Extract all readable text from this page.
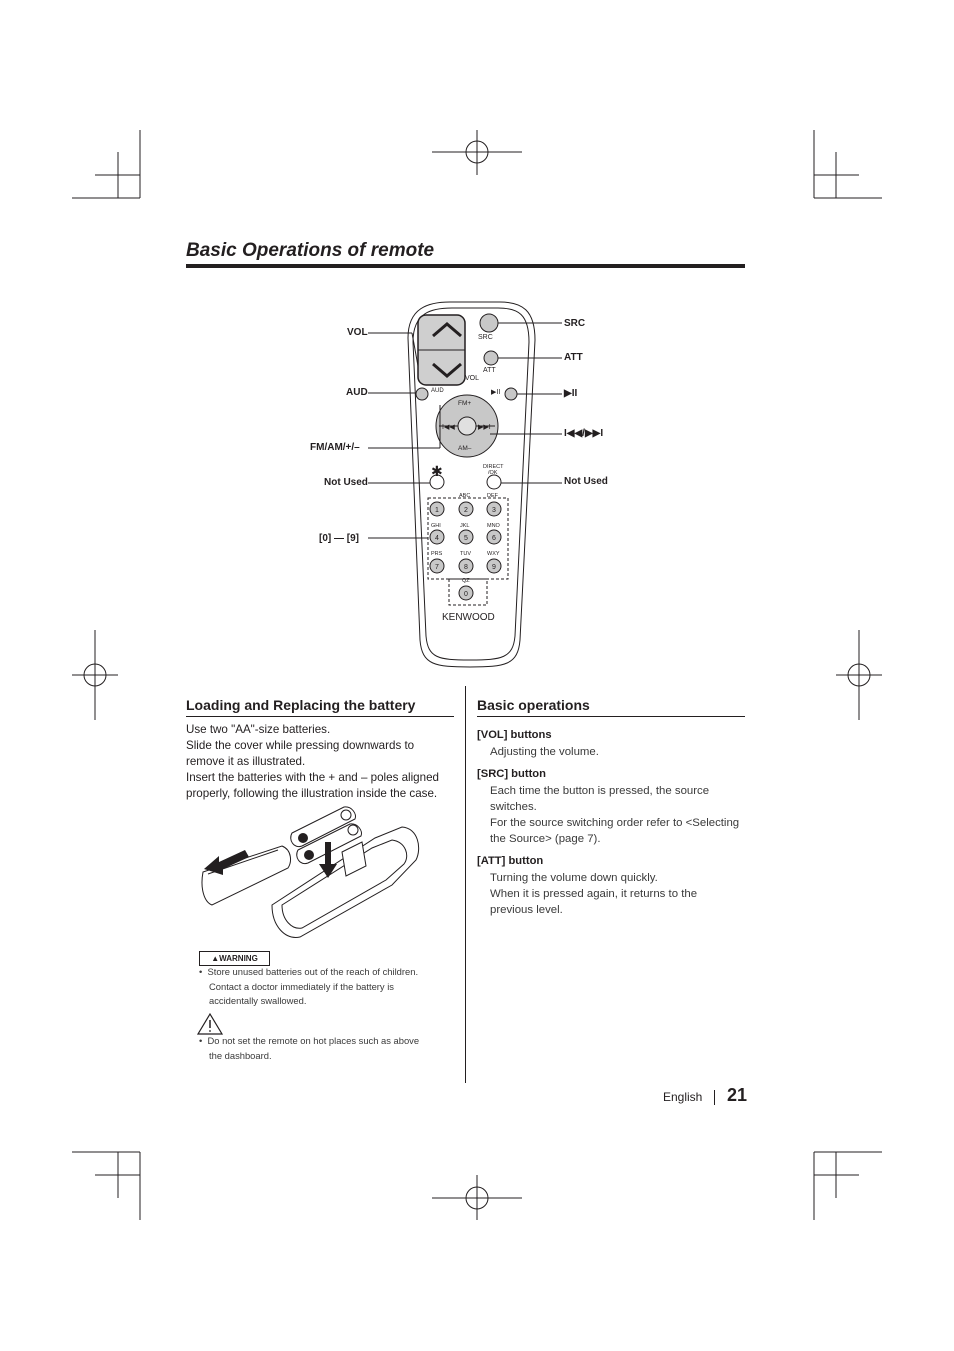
Basic Operations of remote
SRC
ATT
VOL
AUD
FM+
AM–
DIRECT
/OK
ABC	DEF
GHI	JKL	MNO
PRS	TUV	WXY
QZ
1	2	3
4	5	6
7	8	9
0
KENWOOD
▶II
I◀◀	▶▶I
✱
VOL
AUD
FM/AM/+/–
Not Used
[0] — [9]
SRC
ATT
▶II
I◀◀/▶▶I
Not Used
Loading and Replacing the battery
Use two "AA"-size batteries.
Slide the cover while pressing downwards to
remove it as illustrated.
Insert the batteries with the + and – poles aligned
properly, following the illustration inside the case.
▲WARNING
•  Store unused batteries out of the reach of children.
Contact a doctor immediately if the battery is
accidentally swallowed.
•  Do not set the remote on hot places such as above
the dashboard.
Basic operations
[VOL] buttons
Adjusting the volume.
[SRC] button
Each time the button is pressed, the source
switches.
For the source switching order refer to <Selecting
the Source> (page 7).
[ATT] button
Turning the volume down quickly.
When it is pressed again, it returns to the
previous level.
English 21
